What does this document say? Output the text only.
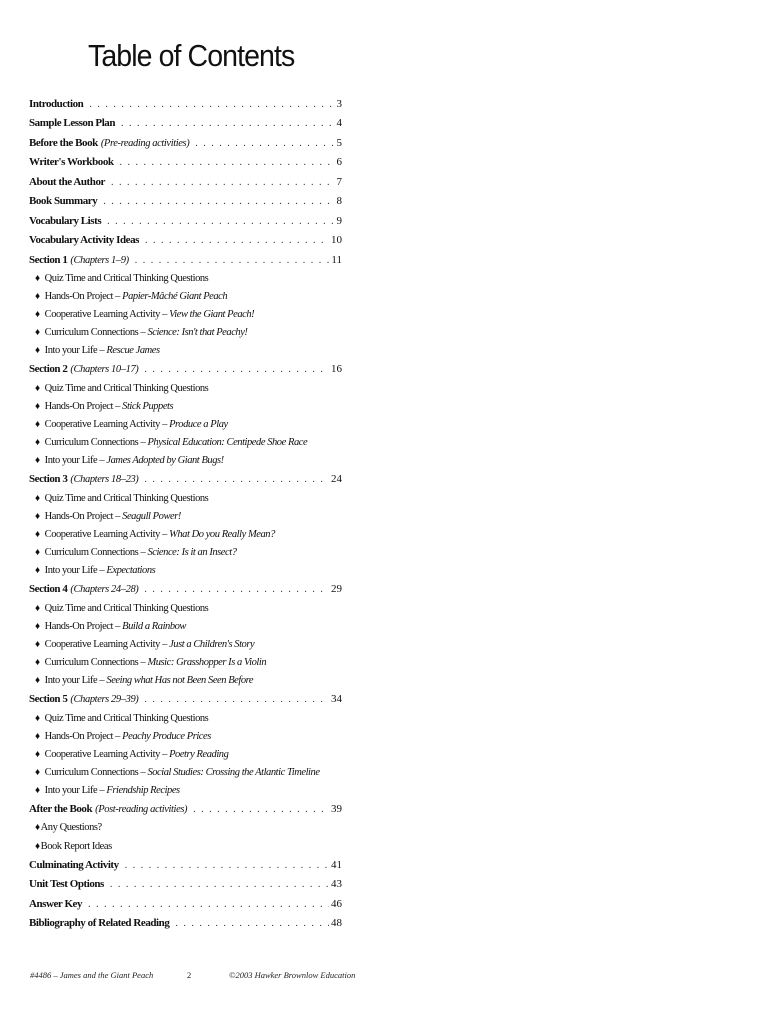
Table of Contents
Introduction . . .	3
Sample Lesson Plan . . .	4
Before the Book (Pre-reading activities) . . .	5
Writer's Workbook . . .	6
About the Author . . .	7
Book Summary . . .	8
Vocabulary Lists . . .	9
Vocabulary Activity Ideas . . .	10
Section 1 (Chapters 1–9) . . .	11
♦ Quiz Time and Critical Thinking Questions
♦ Hands-On Project –
Papier-Mâché Giant Peach
♦ Cooperative Learning Activity –
View the Giant Peach!
♦ Curriculum Connections –
Science: Isn't that Peachy!
♦ Into your Life –
Rescue James
Section 2 (Chapters 10–17) . . .	16
♦ Quiz Time and Critical Thinking Questions
♦ Hands-On Project –
Stick Puppets
♦ Cooperative Learning Activity –
Produce a Play
♦ Curriculum Connections –
Physical Education: Centipede Shoe Race
♦ Into your Life –
James Adopted by Giant Bugs!
Section 3 (Chapters 18–23) . . .	24
♦ Quiz Time and Critical Thinking Questions
♦ Hands-On Project –
Seagull Power!
♦ Cooperative Learning Activity –
What Do you Really Mean?
♦ Curriculum Connections –
Science: Is it an Insect?
♦ Into your Life –
Expectations
Section 4 (Chapters 24–28) . . .	29
♦ Quiz Time and Critical Thinking Questions
♦ Hands-On Project –
Build a Rainbow
♦ Cooperative Learning Activity –
Just a Children's Story
♦ Curriculum Connections –
Music: Grasshopper Is a Violin
♦ Into your Life –
Seeing what Has not Been Seen Before
Section 5 (Chapters 29–39) . . .	34
♦ Quiz Time and Critical Thinking Questions
♦ Hands-On Project –
Peachy Produce Prices
♦ Cooperative Learning Activity –
Poetry Reading
♦ Curriculum Connections –
Social Studies: Crossing the Atlantic Timeline
♦ Into your Life –
Friendship Recipes
After the Book (Post-reading activities) . . .	39
♦ Any Questions?
♦ Book Report Ideas
Culminating Activity . . .	41
Unit Test Options . . .	43
Answer Key . . .	46
Bibliography of Related Reading . . .	48
#4486 – James and the Giant Peach	2	©2003 Hawker Brownlow Education
